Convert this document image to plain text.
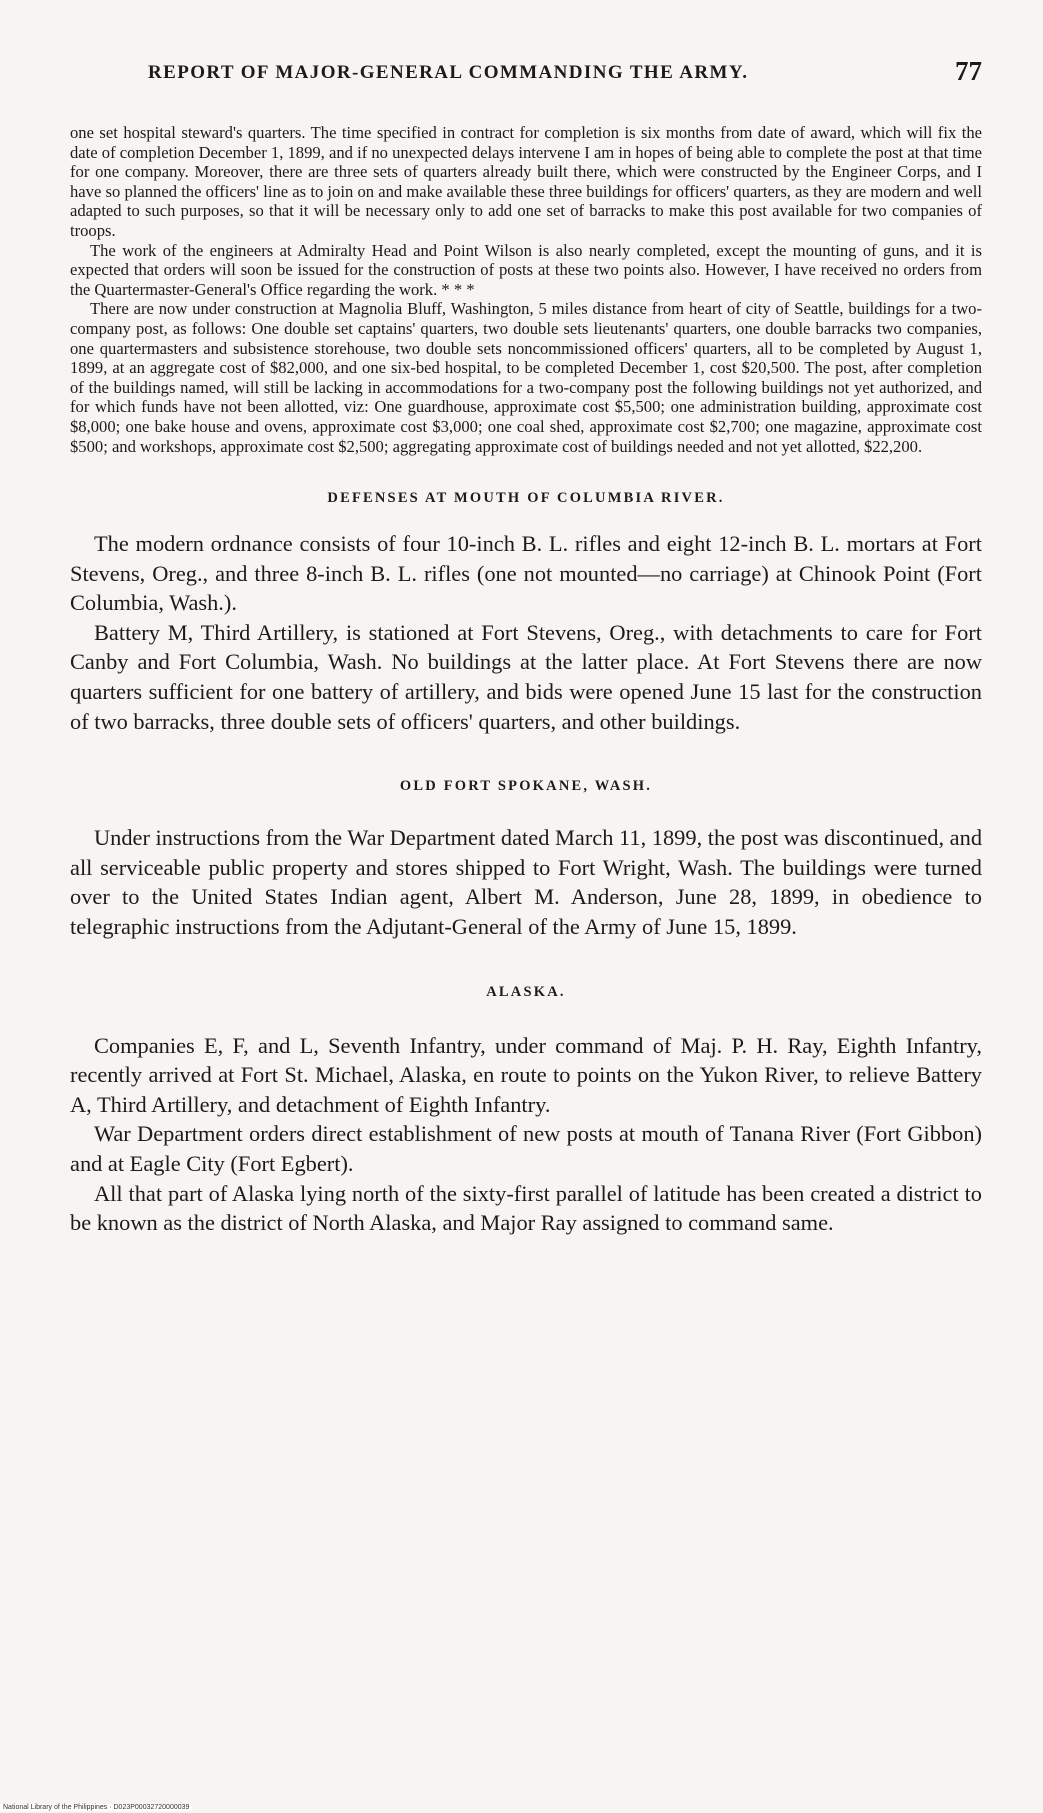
REPORT OF MAJOR-GENERAL COMMANDING THE ARMY.	77

one set hospital steward's quarters. The time specified in contract for completion is six months from date of award, which will fix the date of completion December 1, 1899, and if no unexpected delays intervene I am in hopes of being able to complete the post at that time for one company. Moreover, there are three sets of quarters already built there, which were constructed by the Engineer Corps, and I have so planned the officers' line as to join on and make available these three buildings for officers' quarters, as they are modern and well adapted to such purposes, so that it will be necessary only to add one set of barracks to make this post available for two companies of troops.

The work of the engineers at Admiralty Head and Point Wilson is also nearly completed, except the mounting of guns, and it is expected that orders will soon be issued for the construction of posts at these two points also. However, I have received no orders from the Quartermaster-General's Office regarding the work. * * *

There are now under construction at Magnolia Bluff, Washington, 5 miles distance from heart of city of Seattle, buildings for a two-company post, as follows: One double set captains' quarters, two double sets lieutenants' quarters, one double barracks two companies, one quartermasters and subsistence storehouse, two double sets noncommissioned officers' quarters, all to be completed by August 1, 1899, at an aggregate cost of $82,000, and one six-bed hospital, to be completed December 1, cost $20,500. The post, after completion of the buildings named, will still be lacking in accommodations for a two-company post the following buildings not yet authorized, and for which funds have not been allotted, viz: One guardhouse, approximate cost $5,500; one administration building, approximate cost $8,000; one bake house and ovens, approximate cost $3,000; one coal shed, approximate cost $2,700; one magazine, approximate cost $500; and workshops, approximate cost $2,500; aggregating approximate cost of buildings needed and not yet allotted, $22,200.

DEFENSES AT MOUTH OF COLUMBIA RIVER.

The modern ordnance consists of four 10-inch B. L. rifles and eight 12-inch B. L. mortars at Fort Stevens, Oreg., and three 8-inch B. L. rifles (one not mounted—no carriage) at Chinook Point (Fort Columbia, Wash.).

Battery M, Third Artillery, is stationed at Fort Stevens, Oreg., with detachments to care for Fort Canby and Fort Columbia, Wash. No buildings at the latter place. At Fort Stevens there are now quarters sufficient for one battery of artillery, and bids were opened June 15 last for the construction of two barracks, three double sets of officers' quarters, and other buildings.

OLD FORT SPOKANE, WASH.

Under instructions from the War Department dated March 11, 1899, the post was discontinued, and all serviceable public property and stores shipped to Fort Wright, Wash. The buildings were turned over to the United States Indian agent, Albert M. Anderson, June 28, 1899, in obedience to telegraphic instructions from the Adjutant-General of the Army of June 15, 1899.

ALASKA.

Companies E, F, and L, Seventh Infantry, under command of Maj. P. H. Ray, Eighth Infantry, recently arrived at Fort St. Michael, Alaska, en route to points on the Yukon River, to relieve Battery A, Third Artillery, and detachment of Eighth Infantry.

War Department orders direct establishment of new posts at mouth of Tanana River (Fort Gibbon) and at Eagle City (Fort Egbert).

All that part of Alaska lying north of the sixty-first parallel of latitude has been created a district to be known as the district of North Alaska, and Major Ray assigned to command same.

National Library of the Philippines · D023P00032720000039
